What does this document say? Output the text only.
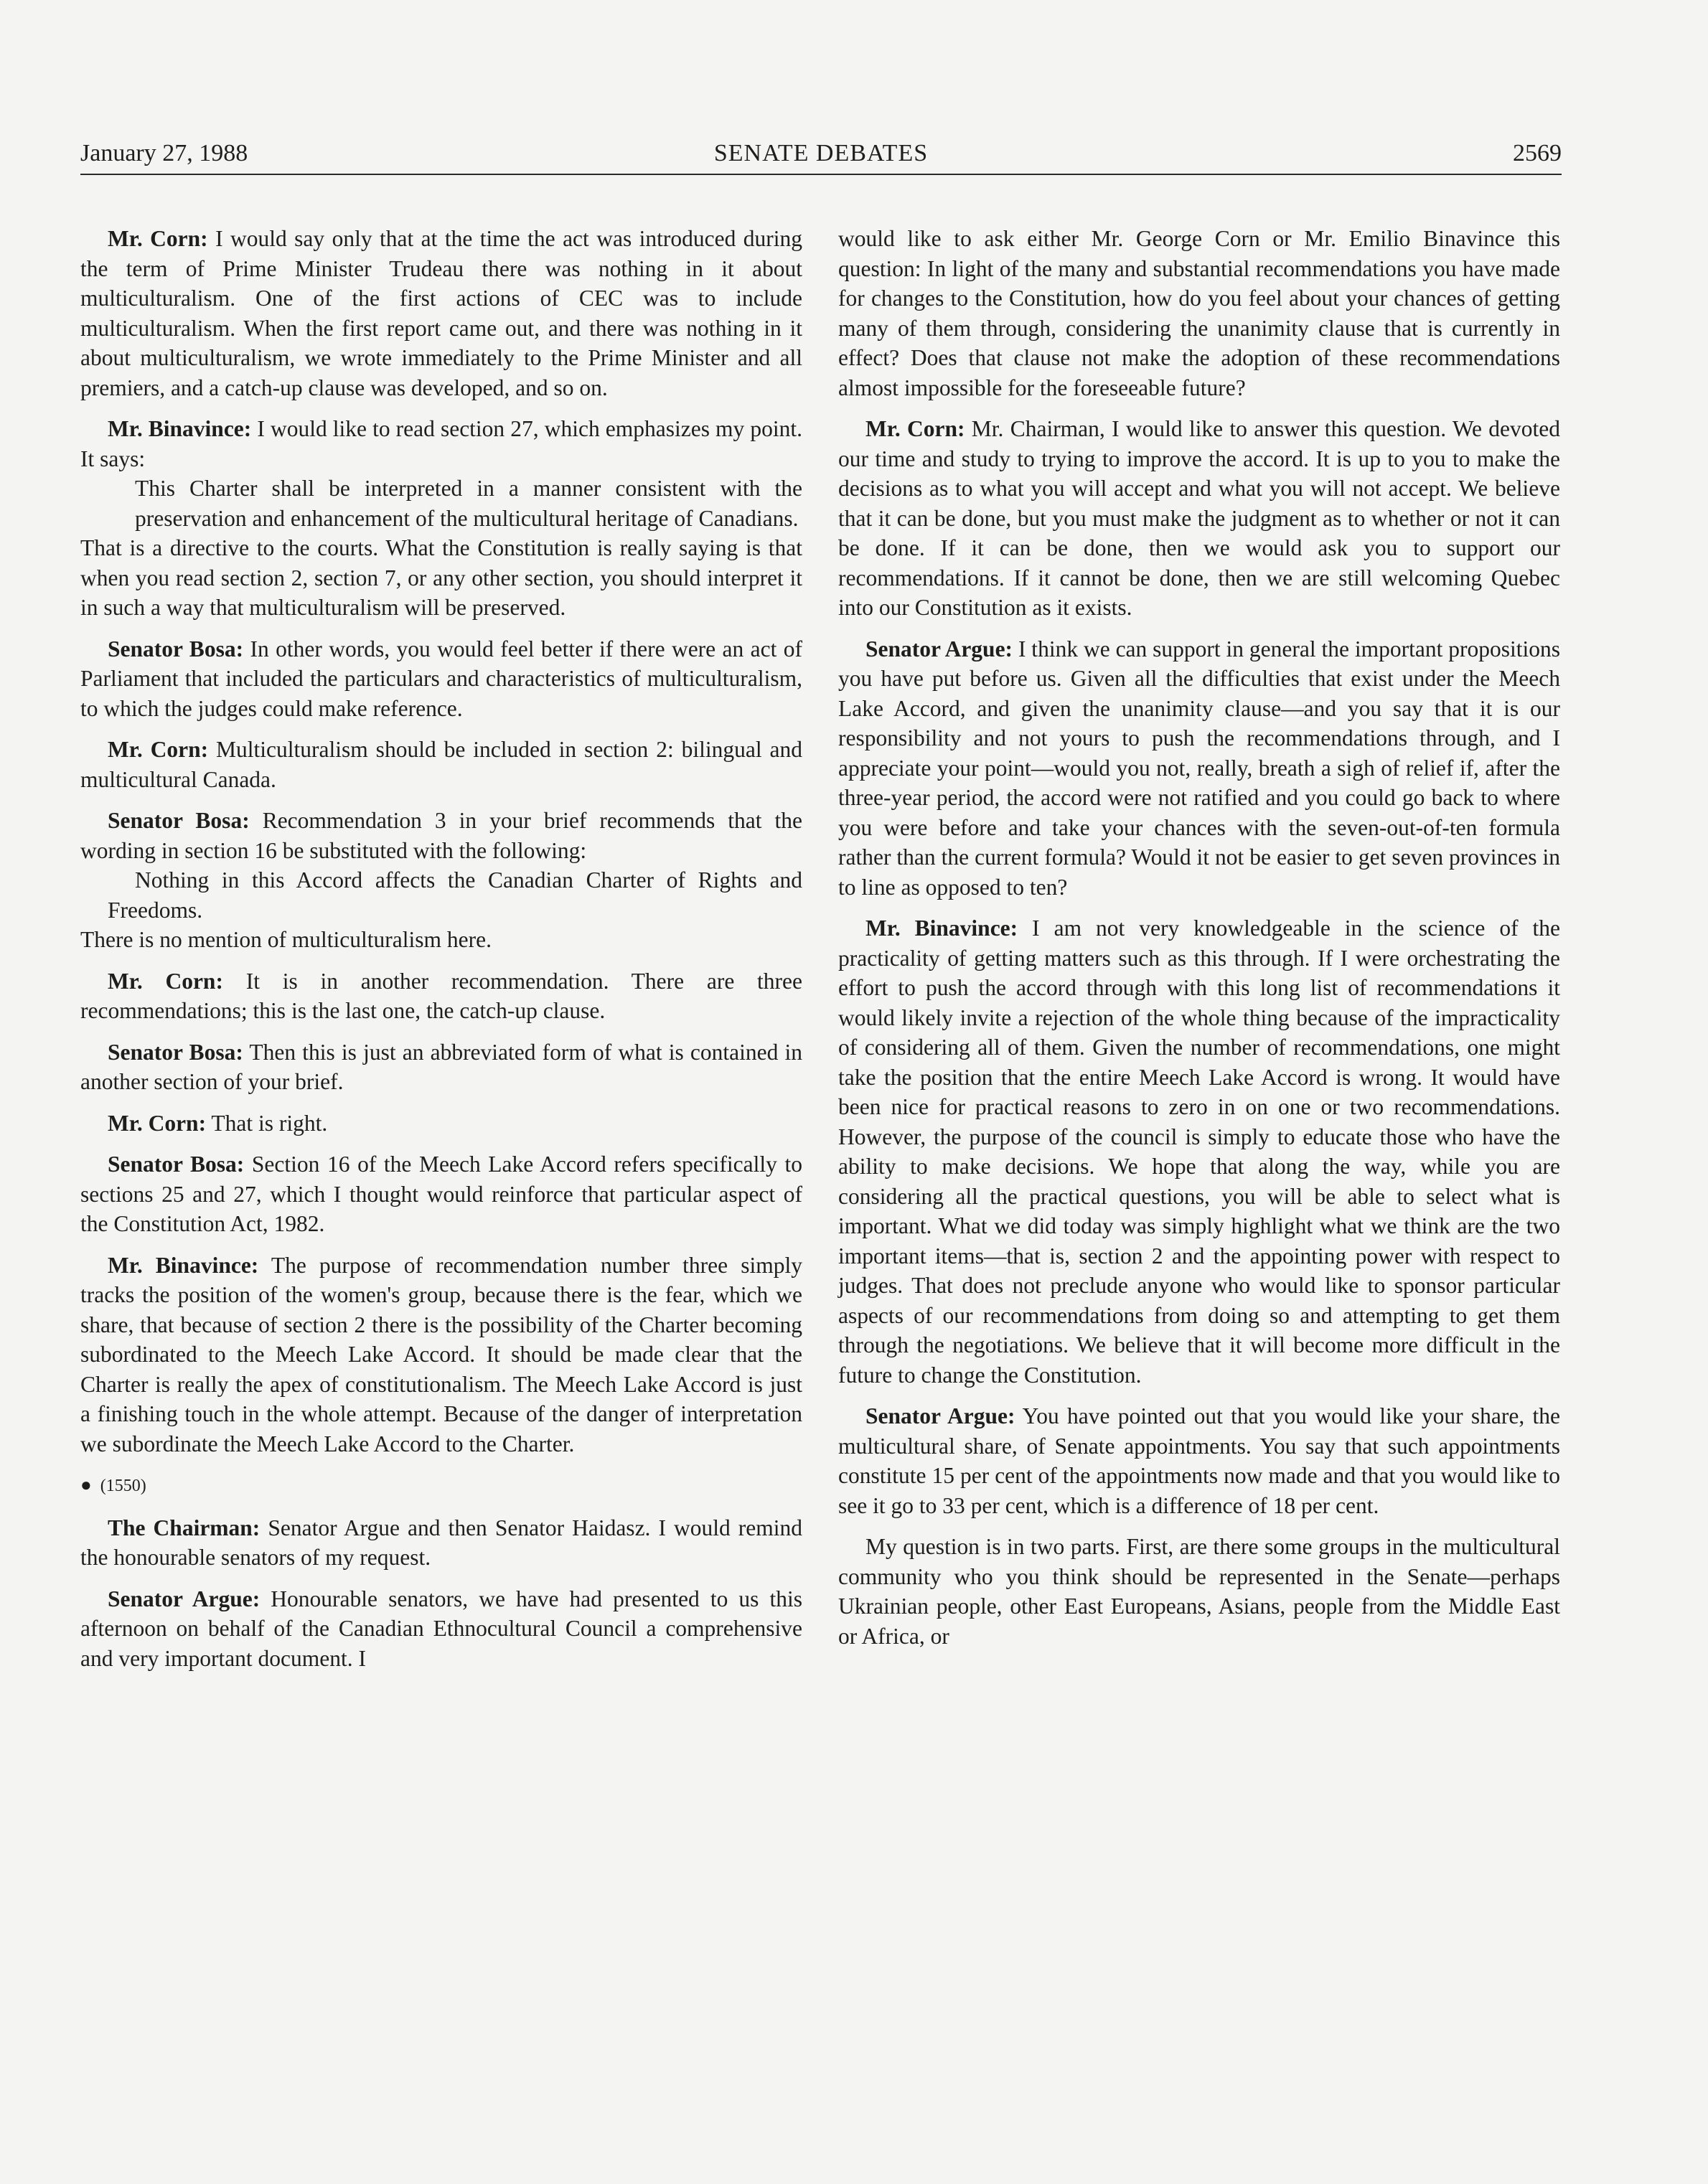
January 27, 1988	SENATE DEBATES	2569

Mr. Corn: I would say only that at the time the act was introduced during the term of Prime Minister Trudeau there was nothing in it about multiculturalism. One of the first actions of CEC was to include multiculturalism. When the first report came out, and there was nothing in it about multiculturalism, we wrote immediately to the Prime Minister and all premiers, and a catch-up clause was developed, and so on.

Mr. Binavince: I would like to read section 27, which emphasizes my point. It says:

This Charter shall be interpreted in a manner consistent with the preservation and enhancement of the multicultural heritage of Canadians.

That is a directive to the courts. What the Constitution is really saying is that when you read section 2, section 7, or any other section, you should interpret it in such a way that multiculturalism will be preserved.

Senator Bosa: In other words, you would feel better if there were an act of Parliament that included the particulars and characteristics of multiculturalism, to which the judges could make reference.

Mr. Corn: Multiculturalism should be included in section 2: bilingual and multicultural Canada.

Senator Bosa: Recommendation 3 in your brief recommends that the wording in section 16 be substituted with the following:

Nothing in this Accord affects the Canadian Charter of Rights and Freedoms.

There is no mention of multiculturalism here.

Mr. Corn: It is in another recommendation. There are three recommendations; this is the last one, the catch-up clause.

Senator Bosa: Then this is just an abbreviated form of what is contained in another section of your brief.

Mr. Corn: That is right.

Senator Bosa: Section 16 of the Meech Lake Accord refers specifically to sections 25 and 27, which I thought would reinforce that particular aspect of the Constitution Act, 1982.

Mr. Binavince: The purpose of recommendation number three simply tracks the position of the women's group, because there is the fear, which we share, that because of section 2 there is the possibility of the Charter becoming subordinated to the Meech Lake Accord. It should be made clear that the Charter is really the apex of constitutionalism. The Meech Lake Accord is just a finishing touch in the whole attempt. Because of the danger of interpretation we subordinate the Meech Lake Accord to the Charter.

● (1550)

The Chairman: Senator Argue and then Senator Haidasz. I would remind the honourable senators of my request.

Senator Argue: Honourable senators, we have had presented to us this afternoon on behalf of the Canadian Ethnocultural Council a comprehensive and very important document. I

would like to ask either Mr. George Corn or Mr. Emilio Binavince this question: In light of the many and substantial recommendations you have made for changes to the Constitution, how do you feel about your chances of getting many of them through, considering the unanimity clause that is currently in effect? Does that clause not make the adoption of these recommendations almost impossible for the foreseeable future?

Mr. Corn: Mr. Chairman, I would like to answer this question. We devoted our time and study to trying to improve the accord. It is up to you to make the decisions as to what you will accept and what you will not accept. We believe that it can be done, but you must make the judgment as to whether or not it can be done. If it can be done, then we would ask you to support our recommendations. If it cannot be done, then we are still welcoming Quebec into our Constitution as it exists.

Senator Argue: I think we can support in general the important propositions you have put before us. Given all the difficulties that exist under the Meech Lake Accord, and given the unanimity clause—and you say that it is our responsibility and not yours to push the recommendations through, and I appreciate your point—would you not, really, breath a sigh of relief if, after the three-year period, the accord were not ratified and you could go back to where you were before and take your chances with the seven-out-of-ten formula rather than the current formula? Would it not be easier to get seven provinces in to line as opposed to ten?

Mr. Binavince: I am not very knowledgeable in the science of the practicality of getting matters such as this through. If I were orchestrating the effort to push the accord through with this long list of recommendations it would likely invite a rejection of the whole thing because of the impracticality of considering all of them. Given the number of recommendations, one might take the position that the entire Meech Lake Accord is wrong. It would have been nice for practical reasons to zero in on one or two recommendations. However, the purpose of the council is simply to educate those who have the ability to make decisions. We hope that along the way, while you are considering all the practical questions, you will be able to select what is important. What we did today was simply highlight what we think are the two important items—that is, section 2 and the appointing power with respect to judges. That does not preclude anyone who would like to sponsor particular aspects of our recommendations from doing so and attempting to get them through the negotiations. We believe that it will become more difficult in the future to change the Constitution.

Senator Argue: You have pointed out that you would like your share, the multicultural share, of Senate appointments. You say that such appointments constitute 15 per cent of the appointments now made and that you would like to see it go to 33 per cent, which is a difference of 18 per cent.

My question is in two parts. First, are there some groups in the multicultural community who you think should be represented in the Senate—perhaps Ukrainian people, other East Europeans, Asians, people from the Middle East or Africa, or
